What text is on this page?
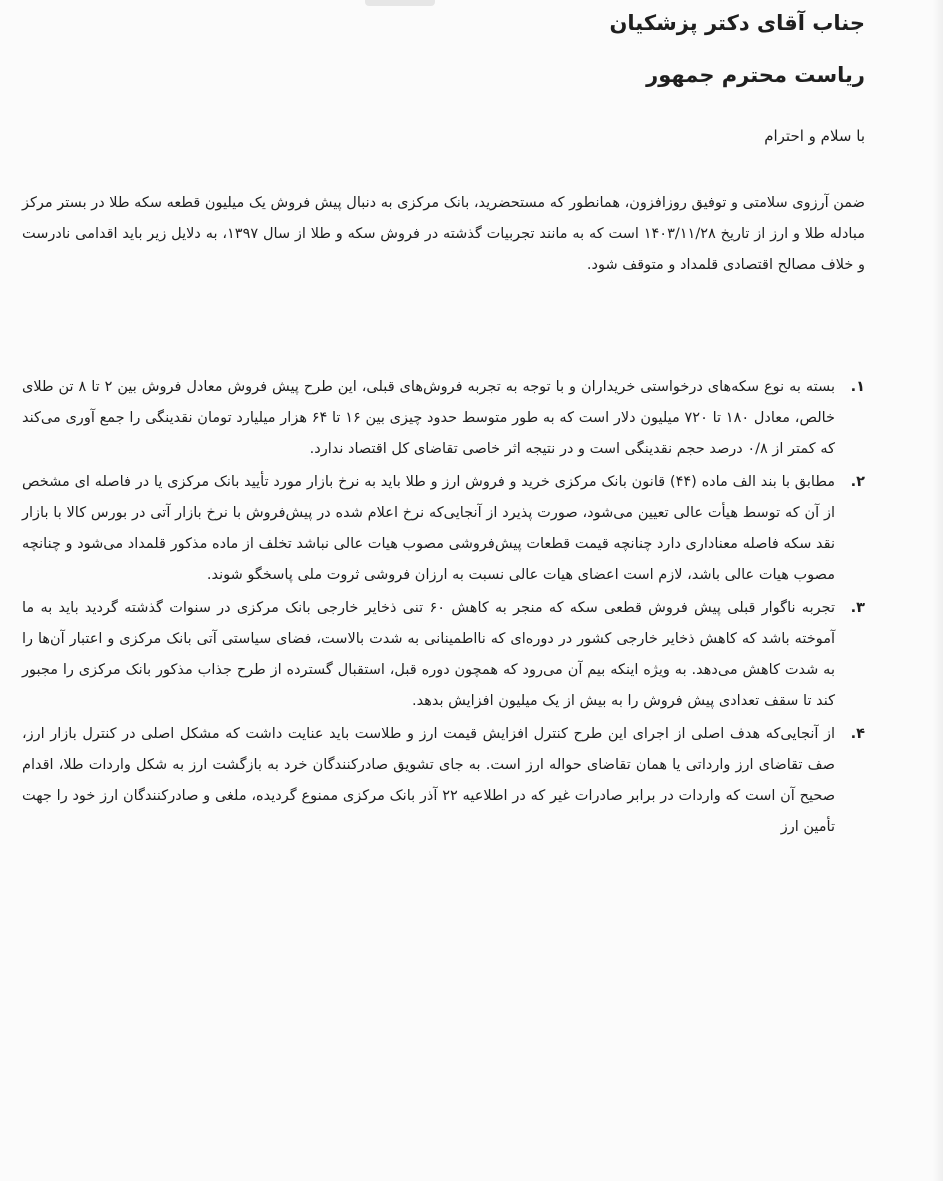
جناب آقای دکتر پزشکیان

ریاست محترم جمهور

با سلام و احترام

ضمن آرزوی سلامتی و توفیق روزافزون، همانطور که مستحضرید، بانک مرکزی به دنبال پیش فروش یک میلیون قطعه سکه طلا در بستر مرکز مبادله طلا و ارز از تاریخ ۱۴۰۳/۱۱/۲۸ است که به مانند تجربیات گذشته در فروش سکه و طلا از سال ۱۳۹۷، به دلایل زیر باید اقدامی نادرست و خلاف مصالح اقتصادی قلمداد و متوقف شود.

۱.

بسته به نوع سکه‌های درخواستی خریداران و با توجه به تجربه فروش‌های قبلی، این طرح پیش فروش معادل فروش بین ۲ تا ۸ تن طلای خالص، معادل ۱۸۰ تا ۷۲۰ میلیون دلار است که به طور متوسط حدود چیزی بین ۱۶ تا ۶۴ هزار میلیارد تومان نقدینگی را جمع آوری می‌کند که کمتر از ۰/۸ درصد حجم نقدینگی است و در نتیجه اثر خاصی تقاضای کل اقتصاد ندارد.

۲.

مطابق با بند الف ماده (۴۴) قانون بانک مرکزی خرید و فروش ارز و طلا باید به نرخ بازار مورد تأیید بانک مرکزی یا در فاصله ای مشخص از آن که توسط هیأت عالی تعیین می‌شود، صورت پذیرد از آنجایی‌که نرخ اعلام شده در پیش‌فروش با نرخ بازار آتی در بورس کالا با بازار نقد سکه فاصله معناداری دارد چنانچه قیمت قطعات پیش‌فروشی مصوب هیات عالی نباشد تخلف از ماده مذکور قلمداد می‌شود و چنانچه مصوب هیات عالی باشد، لازم است اعضای هیات عالی نسبت به ارزان فروشی ثروت ملی پاسخگو شوند.

۳.

تجربه ناگوار قبلی پیش فروش قطعی سکه که منجر به کاهش ۶۰ تنی ذخایر خارجی بانک مرکزی در سنوات گذشته گردید باید به ما آموخته باشد که کاهش ذخایر خارجی کشور در دوره‌ای که نااطمینانی به شدت بالاست، فضای سیاستی آتی بانک مرکزی و اعتبار آن‌ها را به شدت کاهش می‌دهد. به ویژه اینکه بیم آن می‌رود که همچون دوره قبل، استقبال گسترده از طرح جذاب مذکور بانک مرکزی را مجبور کند تا سقف تعدادی پیش فروش را به بیش از یک میلیون افزایش بدهد.

۴.

از آنجایی‌که هدف اصلی از اجرای این طرح کنترل افزایش قیمت ارز و طلاست باید عنایت داشت که مشکل اصلی در کنترل بازار ارز، صف تقاضای ارز وارداتی یا همان تقاضای حواله ارز است. به جای تشویق صادرکنندگان خرد به بازگشت ارز به شکل واردات طلا، اقدام صحیح آن است که واردات در برابر صادرات غیر که در اطلاعیه ۲۲ آذر بانک مرکزی ممنوع گردیده، ملغی و صادرکنندگان ارز خود را جهت تأمین ارز
